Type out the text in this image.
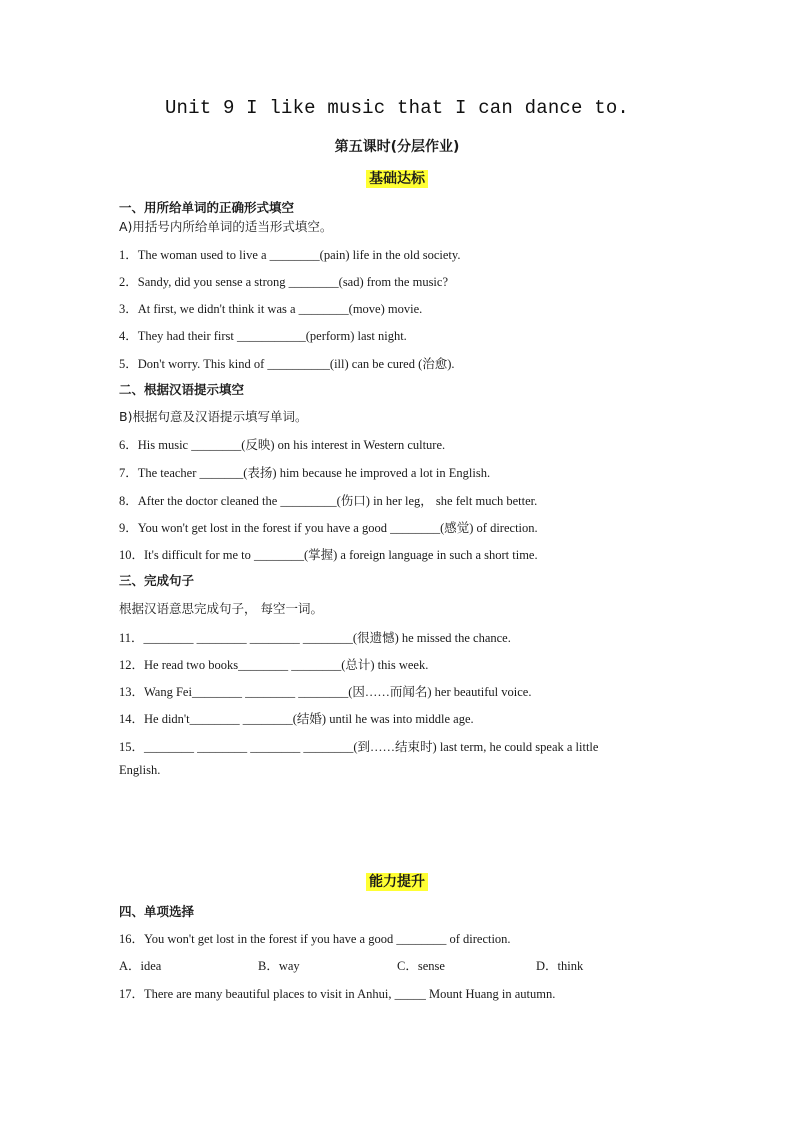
Unit 9 I like music that I can dance to.
第五课时(分层作业)
基础达标
一、用所给单词的正确形式填空
A)用括号内所给单词的适当形式填空。
1．The woman used to live a ________(pain) life in the old society.
2．Sandy, did you sense a strong ________(sad) from the music?
3．At first, we didn't think it was a ________(move) movie.
4．They had their first ___________(perform) last night.
5．Don't worry. This kind of __________(ill) can be cured (治愈).
二、根据汉语提示填空
B)根据句意及汉语提示填写单词。
6．His music ________(反映) on his interest in Western culture.
7．The teacher _______(表扬) him because he improved a lot in English.
8．After the doctor cleaned the _________(伤口) in her leg， she felt much better.
9．You won't get lost in the forest if you have a good ________(感觉) of direction.
10．It's difficult for me to ________(掌握) a foreign language in such a short time.
三、完成句子
根据汉语意思完成句子， 每空一词。
11．________ ________ ________ ________(很遗憾) he missed the chance.
12．He read two books________ ________(总计) this week.
13．Wang Fei________ ________ ________(因……而闻名) her beautiful voice.
14．He didn't________ ________(结婚) until he was into middle age.
15．________ ________ ________ ________(到……结束时) last term, he could speak a little
English.
能力提升
四、单项选择
16．You won't get lost in the forest if you have a good ________ of direction.
A．idea	B．way	C．sense	D．think
17．There are many beautiful places to visit in Anhui, _____ Mount Huang in autumn.
